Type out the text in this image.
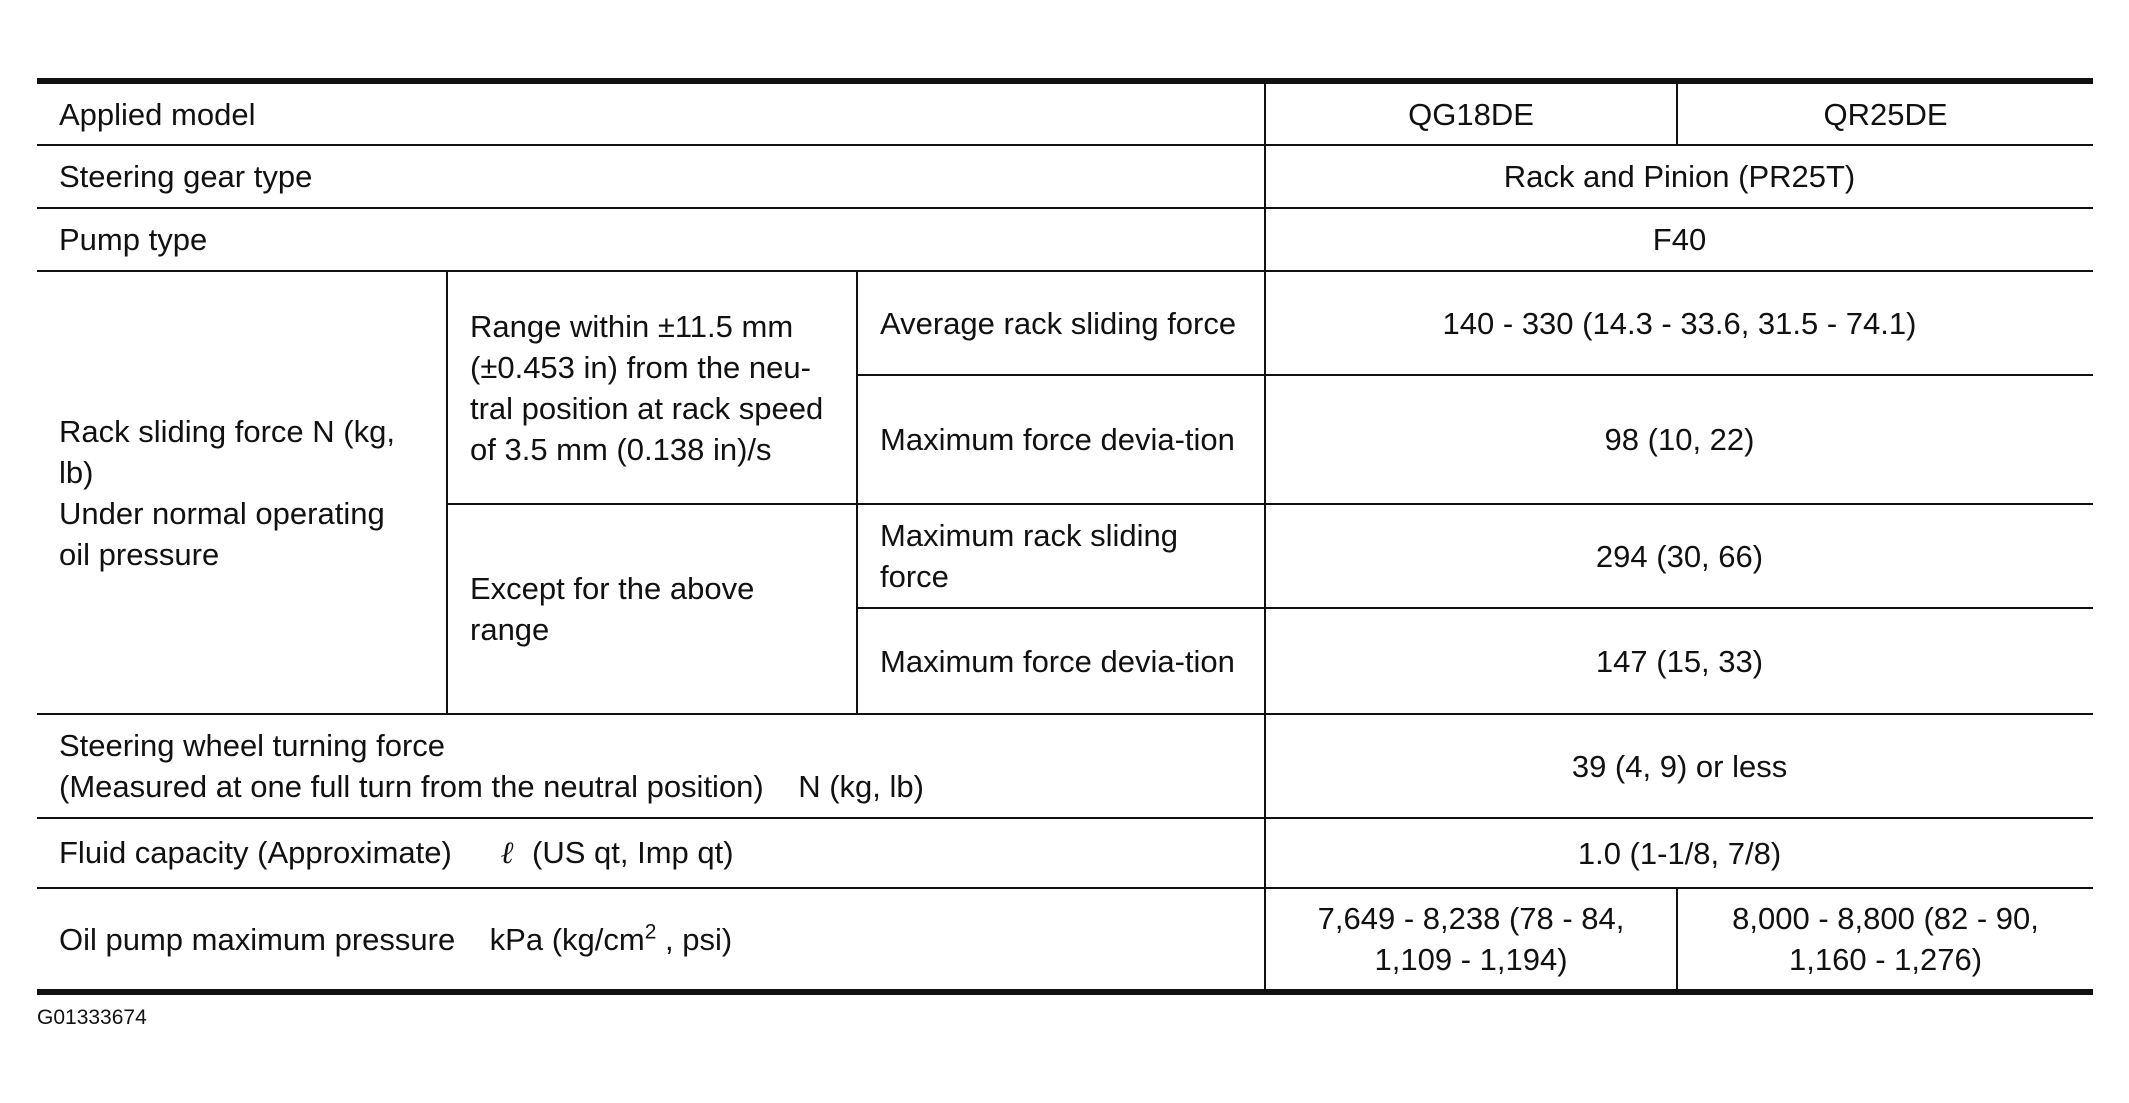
Applied model			QG18DE	QR25DE
Steering gear type			Rack and Pinion (PR25T)	
Pump type			F40	

Rack sliding force N (kg, lb)
Under normal operating oil pressure	Range within ±11.5 mm (±0.453 in) from the neu-tral position at rack speed of 3.5 mm (0.138 in)/s	Average rack sliding force	140 - 330 (14.3 - 33.6, 31.5 - 74.1)	
		Maximum force devia-tion	98 (10, 22)	
	Except for the above range	Maximum rack sliding force	294 (30, 66)	
		Maximum force devia-tion	147 (15, 33)	

Steering wheel turning force
(Measured at one full turn from the neutral position)    N (kg, lb)			39 (4, 9) or less	
Fluid capacity (Approximate) ℓ (US qt, Imp qt)			1.0 (1-1/8, 7/8)	
Oil pump maximum pressure    kPa ($kg/cm^2$ , psi)			7,649 - 8,238 (78 - 84, 1,109 - 1,194)	8,000 - 8,800 (82 - 90, 1,160 - 1,276)
G01333674
